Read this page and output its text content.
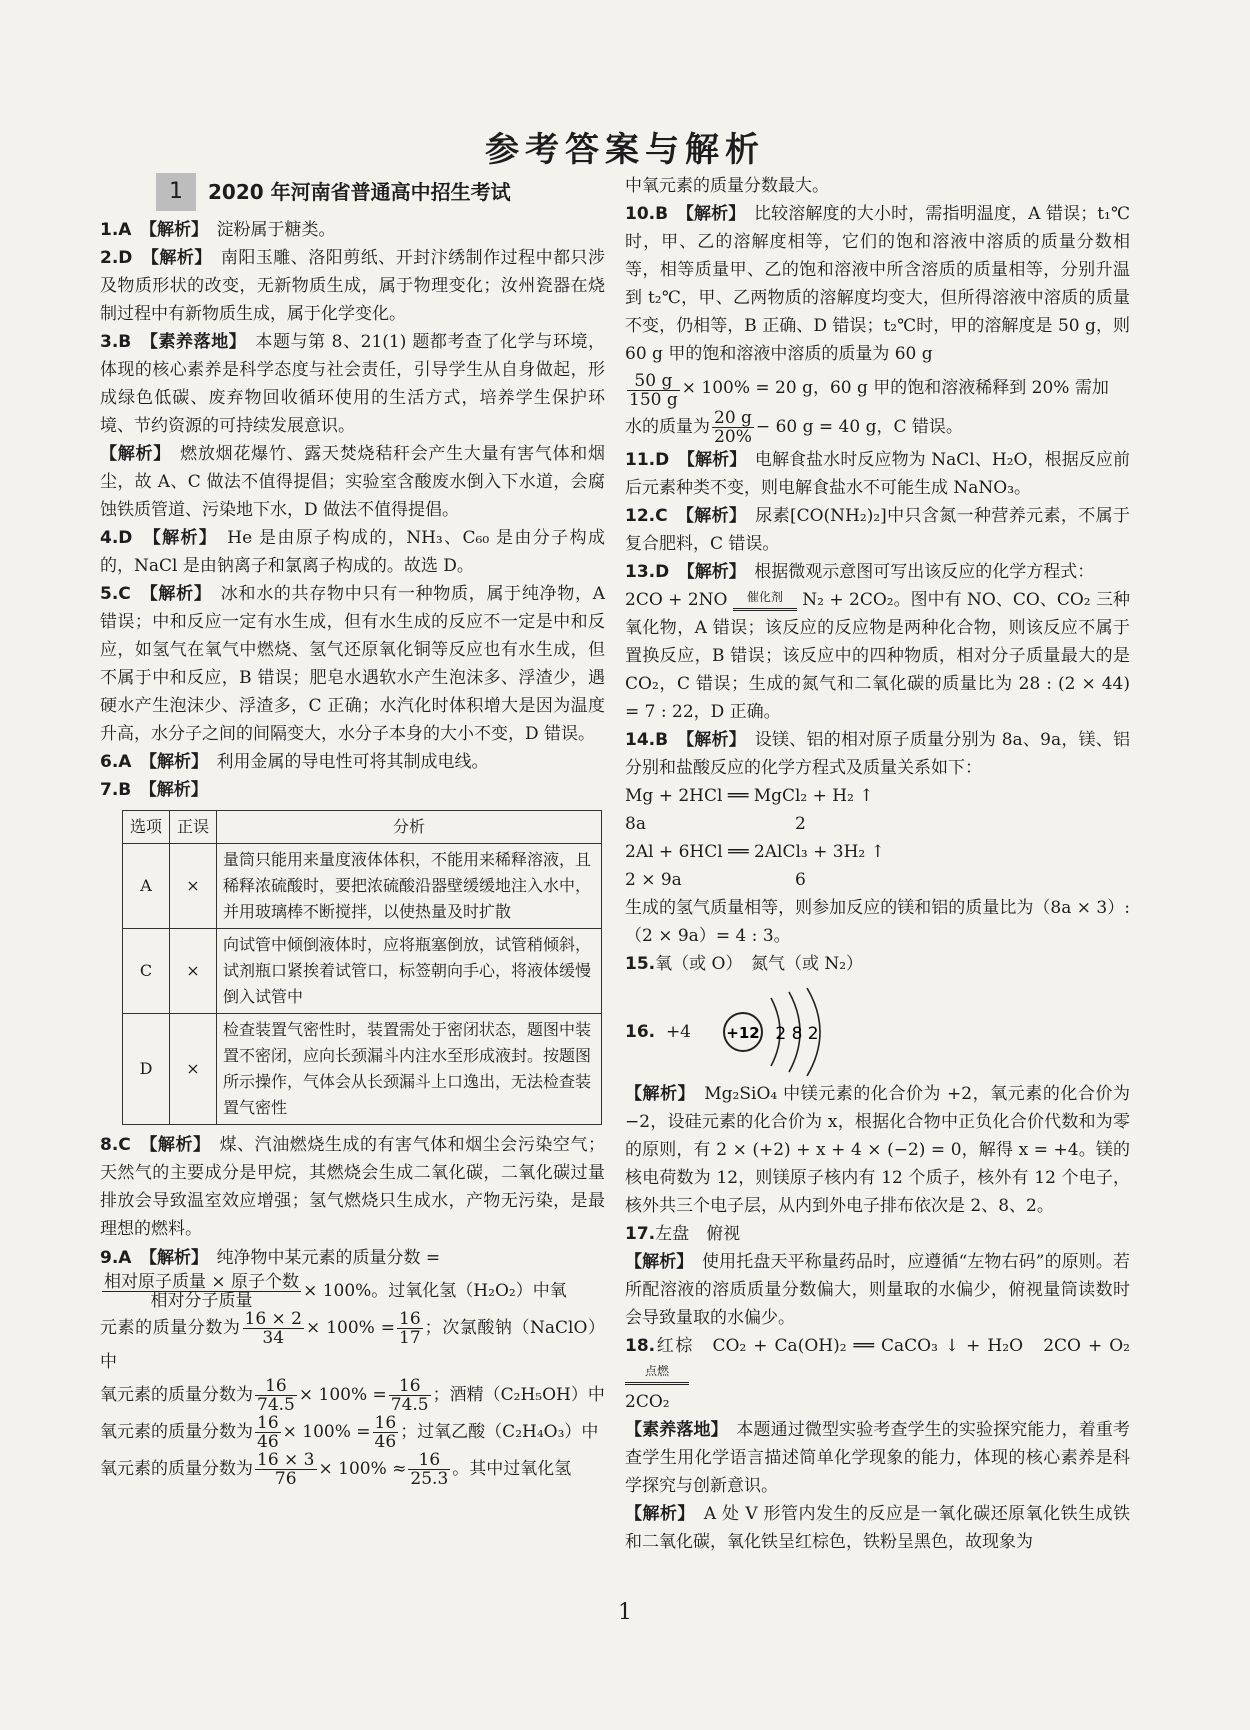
参考答案与解析
1	2020 年河南省普通高中招生考试

1.A　 【解析】　 淀粉属于糖类。

2.D　 【解析】　 南阳玉雕、洛阳剪纸、开封汴绣制作过程中都只涉及物质形状的改变，无新物质生成，属于物理变化；汝州瓷器在烧制过程中有新物质生成，属于化学变化。

3.B　 【素养落地】　 本题与第 8、21(1) 题都考查了化学与环境，体现的核心素养是科学态度与社会责任，引导学生从自身做起，形成绿色低碳、废弃物回收循环使用的生活方式，培养学生保护环境、节约资源的可持续发展意识。
【解析】　 燃放烟花爆竹、露天焚烧秸秆会产生大量有害气体和烟尘，故 A、C 做法不值得提倡；实验室含酸废水倒入下水道，会腐蚀铁质管道、污染地下水，D 做法不值得提倡。

4.D　 【解析】　 He 是由原子构成的，NH₃、C₆₀ 是由分子构成的，NaCl 是由钠离子和氯离子构成的。故选 D。

5.C　 【解析】　 冰和水的共存物中只有一种物质，属于纯净物，A 错误；中和反应一定有水生成，但有水生成的反应不一定是中和反应，如氢气在氧气中燃烧、氢气还原氧化铜等反应也有水生成，但不属于中和反应，B 错误；肥皂水遇软水产生泡沫多、浮渣少，遇硬水产生泡沫少、浮渣多，C 正确；水汽化时体积增大是因为温度升高，水分子之间的间隔变大，水分子本身的大小不变，D 错误。

6.A　 【解析】　 利用金属的导电性可将其制成电线。

7.B　 【解析】

选项	正误	分析
A	×	量筒只能用来量度液体体积，不能用来稀释溶液，且稀释浓硫酸时，要把浓硫酸沿器壁缓缓地注入水中，并用玻璃棒不断搅拌，以使热量及时扩散
C	×	向试管中倾倒液体时，应将瓶塞倒放，试管稍倾斜，试剂瓶口紧挨着试管口，标签朝向手心，将液体缓慢倒入试管中
D	×	检查装置气密性时，装置需处于密闭状态，题图中装置不密闭，应向长颈漏斗内注水至形成液封。按题图所示操作，气体会从长颈漏斗上口逸出，无法检查装置气密性

8.C　 【解析】　 煤、汽油燃烧生成的有害气体和烟尘会污染空气；天然气的主要成分是甲烷，其燃烧会生成二氧化碳，二氧化碳过量排放会导致温室效应增强；氢气燃烧只生成水，产物无污染，是最理想的燃料。

9.A　 【解析】　 纯净物中某元素的质量分数 =

$\frac{\text{相对原子质量 × 原子个数}}{\text{相对分子质量}} \times 100\%$。过氧化氢（H₂O₂）中氧
元素的质量分数为 $\frac{16 \times 2}{34} \times 100\% = \frac{16}{17}$ ；次氯酸钠（NaClO）中
氧元素的质量分数为 $\frac{16}{74.5} \times 100\% = \frac{16}{74.5}$ ；酒精（C₂H₅OH）中
氧元素的质量分数为 $\frac{16}{46} \times 100\% = \frac{16}{46}$ ；过氧乙酸（C₂H₄O₃）中
氧元素的质量分数为 $\frac{16 \times 3}{76} \times 100\% \approx \frac{16}{25.3}$ 。其中过氧化氢

中氧元素的质量分数最大。

10.B　 【解析】　 比较溶解度的大小时，需指明温度，A 错误；t₁℃时，甲、乙的溶解度相等，它们的饱和溶液中溶质的质量分数相等，相等质量甲、乙的饱和溶液中所含溶质的质量相等，分别升温到 t₂℃，甲、乙两物质的溶解度均变大，但所得溶液中溶质的质量不变，仍相等，B 正确、D 错误；t₂℃时，甲的溶解度是 50 g，则 60 g 甲的饱和溶液中溶质的质量为 60 g

$\frac{50 g}{150 g} \times 100\% = 20$ g，60 g 甲的饱和溶液稀释到 20% 需加
水的质量为 $\frac{20 g}{20\%} - 60$ g = 40 g，C 错误。

11.D　 【解析】　 电解食盐水时反应物为 NaCl、H₂O，根据反应前后元素种类不变，则电解食盐水不可能生成 NaNO₃。

12.C　 【解析】　 尿素[CO(NH₂)₂]中只含氮一种营养元素，不属于复合肥料，C 错误。

13.D　 【解析】　 根据微观示意图可写出该反应的化学方程式：
2CO + 2NO 催化剂 N₂ + 2CO₂。图中有 NO、CO、CO₂ 三种氧化物，A 错误；该反应的反应物是两种化合物，则该反应不属于置换反应，B 错误；该反应中的四种物质，相对分子质量最大的是 CO₂，C 错误；生成的氮气和二氧化碳的质量比为 28 : (2 × 44) = 7 : 22，D 正确。
14.B　 【解析】　 设镁、铝的相对原子质量分别为 8a、9a，镁、铝分别和盐酸反应的化学方程式及质量关系如下：
Mg + 2HCl ══ MgCl₂ + H₂ ↑
8a	2
2Al + 6HCl ══ 2AlCl₃ + 3H₂ ↑
2 × 9a	6
生成的氢气质量相等，则参加反应的镁和铝的质量比为（8a × 3）:（2 × 9a）= 4 : 3。

15.氧（或 O）　氮气（或 N₂）

16.
+4 +12 2 8 2
【解析】　 Mg₂SiO₄ 中镁元素的化合价为 +2，氧元素的化合价为 −2，设硅元素的化合价为 x，根据化合物中正负化合价代数和为零的原则，有 2 × (+2) + x + 4 × (−2) = 0，解得 x = +4。镁的核电荷数为 12，则镁原子核内有 12 个质子，核外有 12 个电子，核外共三个电子层，从内到外电子排布依次是 2、8、2。
17.左盘　俯视
【解析】　 使用托盘天平称量药品时，应遵循“左物右码”的原则。若所配溶液的溶质质量分数偏大，则量取的水偏少，俯视量筒读数时会导致量取的水偏少。
18.红棕　CO₂ + Ca(OH)₂ ══ CaCO₃ ↓ + H₂O　2CO + O₂ 点燃

2CO₂
【素养落地】　 本题通过微型实验考查学生的实验探究能力，着重考查学生用化学语言描述简单化学现象的能力，体现的核心素养是科学探究与创新意识。
【解析】　 A 处 V 形管内发生的反应是一氧化碳还原氧化铁生成铁和二氧化碳，氧化铁呈红棕色，铁粉呈黑色，故现象为
1
